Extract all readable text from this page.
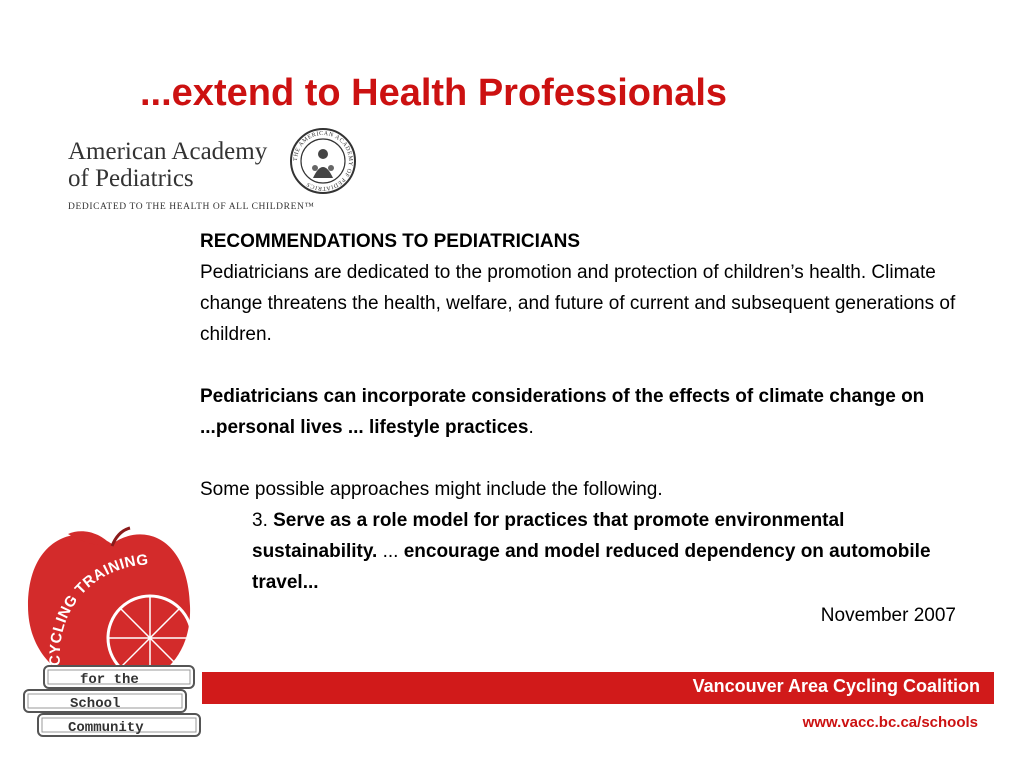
...extend to Health Professionals
American Academy
of Pediatrics
THE AMERICAN ACADEMY OF PEDIATRICS
DEDICATED TO THE HEALTH OF ALL CHILDREN™
RECOMMENDATIONS TO PEDIATRICIANS
Pediatricians are dedicated to the promotion and protection of children’s health. Climate change threatens the health, welfare, and future of current and subsequent generations of children.
Pediatricians can incorporate considerations of the effects of climate change on ...personal lives ... lifestyle practices.
Some possible approaches might include the following.
3. Serve as a role model for practices that promote environmental sustainability. ... encourage and model reduced dependency on automobile travel...
November 2007
CYCLING TRAINING
for the
School
Community
Vancouver Area Cycling Coalition
www.vacc.bc.ca/schools
